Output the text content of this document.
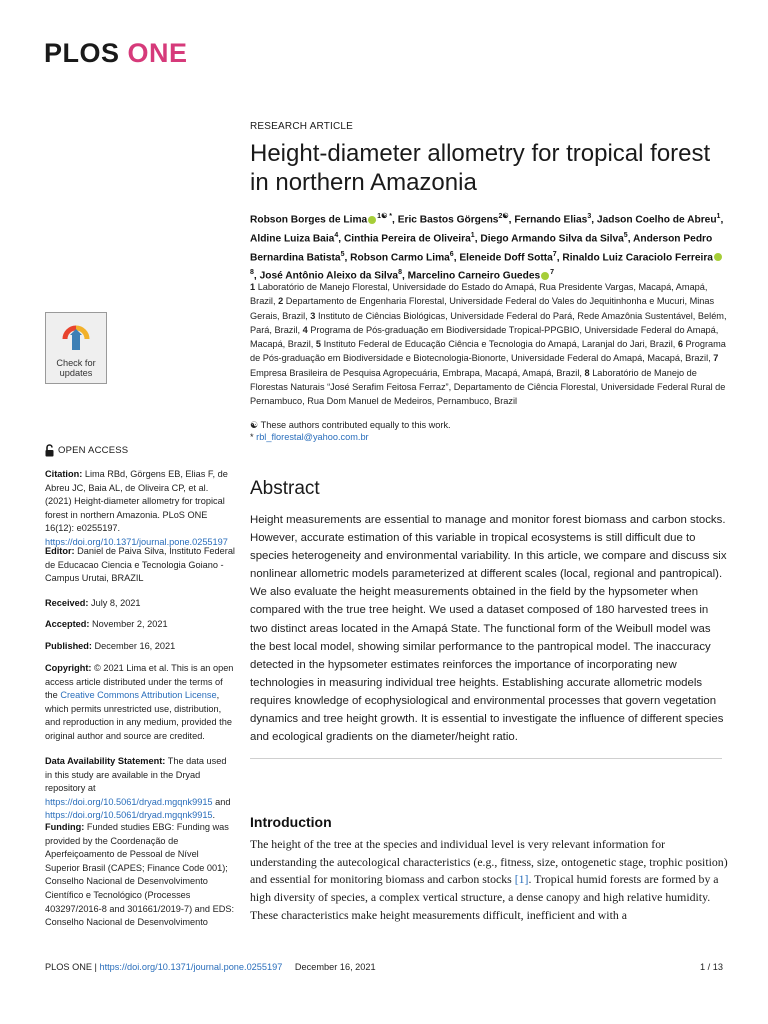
PLOS ONE
Check for updates
OPEN ACCESS
Citation: Lima RBd, Görgens EB, Elias F, de Abreu JC, Baia AL, de Oliveira CP, et al. (2021) Height-diameter allometry for tropical forest in northern Amazonia. PLoS ONE 16(12): e0255197. https://doi.org/10.1371/journal.pone.0255197
Editor: Daniel de Paiva Silva, Instituto Federal de Educacao Ciencia e Tecnologia Goiano - Campus Urutai, BRAZIL
Received: July 8, 2021
Accepted: November 2, 2021
Published: December 16, 2021
Copyright: © 2021 Lima et al. This is an open access article distributed under the terms of the Creative Commons Attribution License, which permits unrestricted use, distribution, and reproduction in any medium, provided the original author and source are credited.
Data Availability Statement: The data used in this study are available in the Dryad repository at https://doi.org/10.5061/dryad.mgqnk9915 and https://doi.org/10.5061/dryad.mgqnk9915.
Funding: Funded studies EBG: Funding was provided by the Coordenação de Aperfeiçoamento de Pessoal de Nível Superior Brasil (CAPES; Finance Code 001); Conselho Nacional de Desenvolvimento Científico e Tecnológico (Processes 403297/2016-8 and 301661/2019-7) and EDS: Conselho Nacional de Desenvolvimento
RESEARCH ARTICLE
Height-diameter allometry for tropical forest
in northern Amazonia
Robson Borges de Lima $^{1☯ *}$, Eric Bastos Görgens$^{2☯}$, Fernando Elias$^3$, Jadson Coelho de Abreu$^1$, Aldine Luiza Baia$^4$, Cinthia Pereira de Oliveira$^1$, Diego Armando Silva da Silva$^5$, Anderson Pedro Bernardina Batista$^5$, Robson Carmo Lima$^6$, Eleneide Doff Sotta$^7$, Rinaldo Luiz Caraciolo Ferreira$^8$, José Antônio Aleixo da Silva$^8$, Marcelino Carneiro Guedes $^7$
1 Laboratório de Manejo Florestal, Universidade do Estado do Amapá, Rua Presidente Vargas, Macapá, Amapá, Brazil, 2 Departamento de Engenharia Florestal, Universidade Federal do Vales do Jequitinhonha e Mucuri, Minas Gerais, Brazil, 3 Instituto de Ciências Biológicas, Universidade Federal do Pará, Rede Amazônia Sustentável, Belém, Pará, Brazil, 4 Programa de Pós-graduação em Biodiversidade Tropical-PPGBIO, Universidade Federal do Amapá, Macapá, Brazil, 5 Instituto Federal de Educação Ciência e Tecnologia do Amapá, Laranjal do Jari, Brazil, 6 Programa de Pós-graduação em Biodiversidade e Biotecnologia-Bionorte, Universidade Federal do Amapá, Macapá, Brazil, 7 Empresa Brasileira de Pesquisa Agropecuária, Embrapa, Macapá, Amapá, Brazil, 8 Laboratório de Manejo de Florestas Naturais “José Serafim Feitosa Ferraz”, Departamento de Ciência Florestal, Universidade Federal Rural de Pernambuco, Rua Dom Manuel de Medeiros, Pernambuco, Brazil
☯ These authors contributed equally to this work.
* rbl_florestal@yahoo.com.br
Abstract
Height measurements are essential to manage and monitor forest biomass and carbon stocks. However, accurate estimation of this variable in tropical ecosystems is still difficult due to species heterogeneity and environmental variability. In this article, we compare and discuss six nonlinear allometric models parameterized at different scales (local, regional and pantropical). We also evaluate the height measurements obtained in the field by the hypsometer when compared with the true tree height. We used a dataset composed of 180 harvested trees in two distinct areas located in the Amapá State. The functional form of the Weibull model was the best local model, showing similar performance to the pantropical model. The inaccuracy detected in the hypsometer estimates reinforces the importance of incorporating new technologies in measuring individual tree heights. Establishing accurate allometric models requires knowledge of ecophysiological and environmental processes that govern vegetation dynamics and tree height growth. It is essential to investigate the influence of different species and ecological gradients on the diameter/height ratio.
Introduction
The height of the tree at the species and individual level is very relevant information for understanding the autecological characteristics (e.g., fitness, size, ontogenetic stage, trophic position) and essential for monitoring biomass and carbon stocks [1]. Tropical humid forests are formed by a high diversity of species, a complex vertical structure, a dense canopy and high relative humidity. These characteristics make height measurements difficult, inefficient and with a
PLOS ONE | https://doi.org/10.1371/journal.pone.0255197 December 16, 2021	1 / 13
